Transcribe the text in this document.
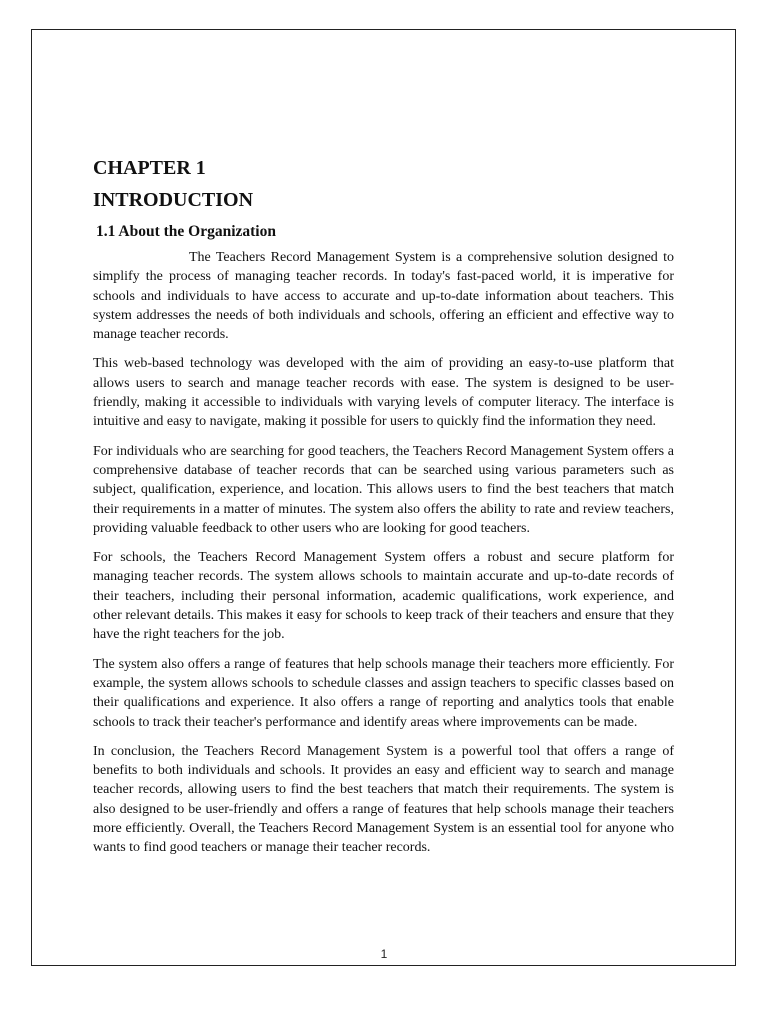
CHAPTER 1
INTRODUCTION
1.1 About the Organization

The Teachers Record Management System is a comprehensive solution designed to simplify the process of managing teacher records. In today's fast-paced world, it is imperative for schools and individuals to have access to accurate and up-to-date information about teachers. This system addresses the needs of both individuals and schools, offering an efficient and effective way to manage teacher records.

This web-based technology was developed with the aim of providing an easy-to-use platform that allows users to search and manage teacher records with ease. The system is designed to be user-friendly, making it accessible to individuals with varying levels of computer literacy. The interface is intuitive and easy to navigate, making it possible for users to quickly find the information they need.

For individuals who are searching for good teachers, the Teachers Record Management System offers a comprehensive database of teacher records that can be searched using various parameters such as subject, qualification, experience, and location. This allows users to find the best teachers that match their requirements in a matter of minutes. The system also offers the ability to rate and review teachers, providing valuable feedback to other users who are looking for good teachers.

For schools, the Teachers Record Management System offers a robust and secure platform for managing teacher records. The system allows schools to maintain accurate and up-to-date records of their teachers, including their personal information, academic qualifications, work experience, and other relevant details. This makes it easy for schools to keep track of their teachers and ensure that they have the right teachers for the job.

The system also offers a range of features that help schools manage their teachers more efficiently. For example, the system allows schools to schedule classes and assign teachers to specific classes based on their qualifications and experience. It also offers a range of reporting and analytics tools that enable schools to track their teacher's performance and identify areas where improvements can be made.

In conclusion, the Teachers Record Management System is a powerful tool that offers a range of benefits to both individuals and schools. It provides an easy and efficient way to search and manage teacher records, allowing users to find the best teachers that match their requirements. The system is also designed to be user-friendly and offers a range of features that help schools manage their teachers more efficiently. Overall, the Teachers Record Management System is an essential tool for anyone who wants to find good teachers or manage their teacher records.

1
